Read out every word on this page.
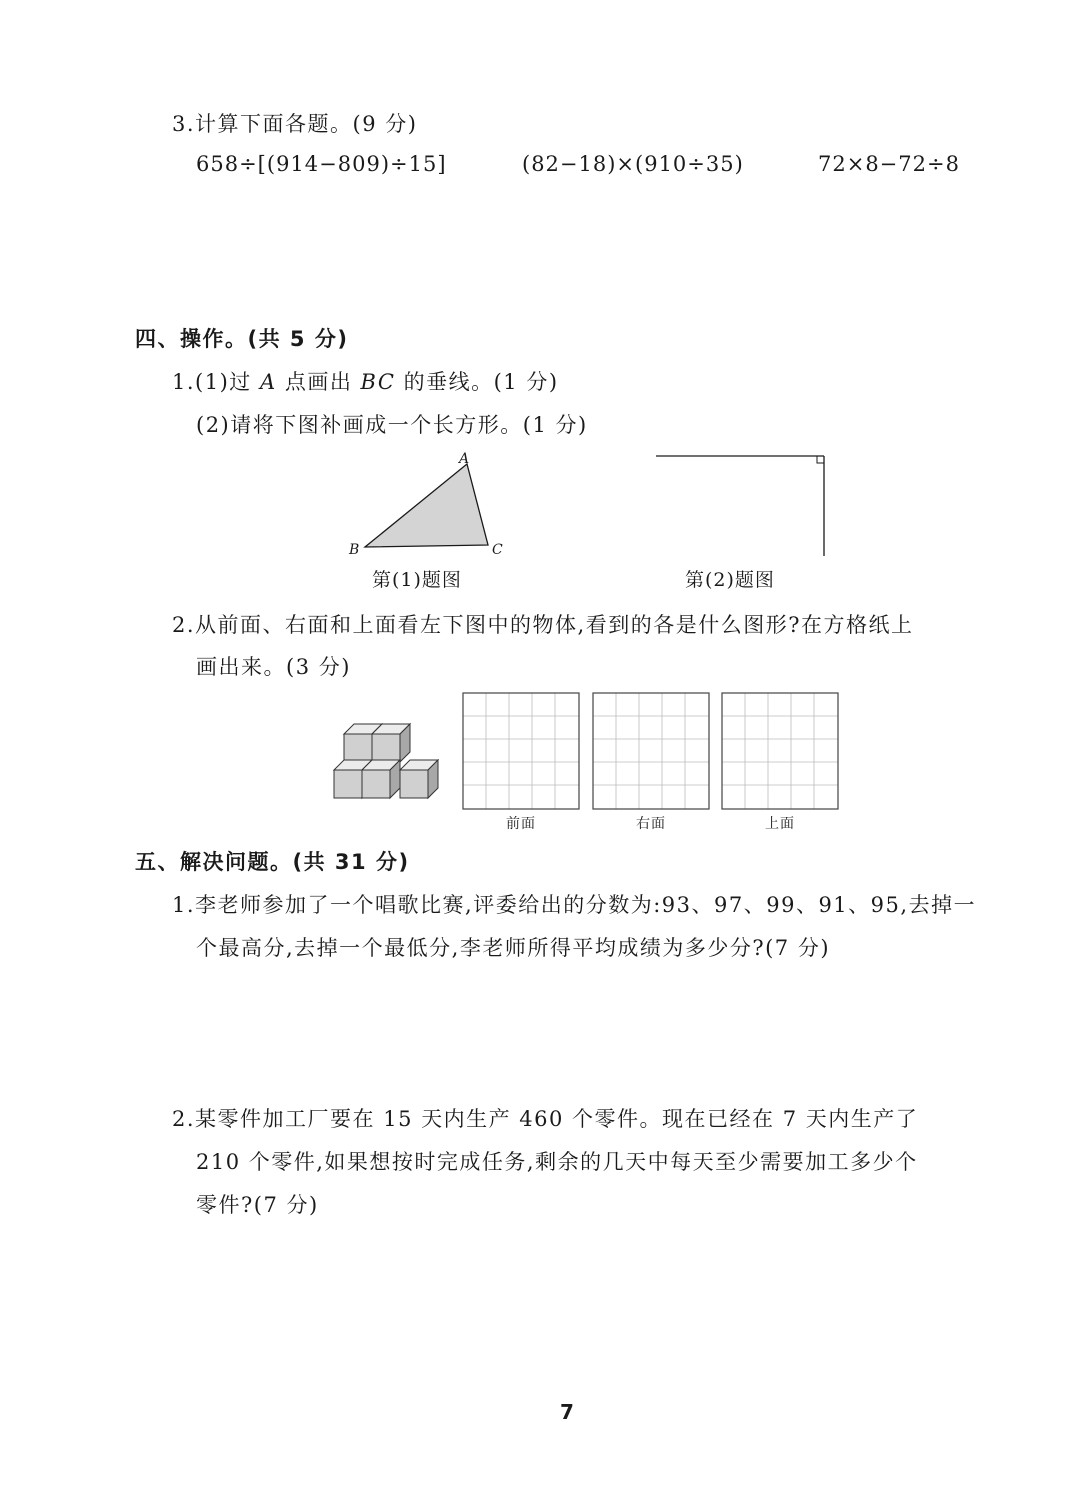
3.计算下面各题。(9 分)
658÷[(914−809)÷15]	(82−18)×(910÷35)	72×8−72÷8
四、操作。(共 5 分)
1.(1)过 A 点画出 BC 的垂线。(1 分)
(2)请将下图补画成一个长方形。(1 分)
A
B	C
第(1)题图	第(2)题图
2.从前面、右面和上面看左下图中的物体,看到的各是什么图形?在方格纸上
画出来。(3 分)
前面	右面	上面
五、解决问题。(共 31 分)
1.李老师参加了一个唱歌比赛,评委给出的分数为:93、97、99、91、95,去掉一
个最高分,去掉一个最低分,李老师所得平均成绩为多少分?(7 分)
2.某零件加工厂要在 15 天内生产 460 个零件。现在已经在 7 天内生产了
210 个零件,如果想按时完成任务,剩余的几天中每天至少需要加工多少个
零件?(7 分)
7
